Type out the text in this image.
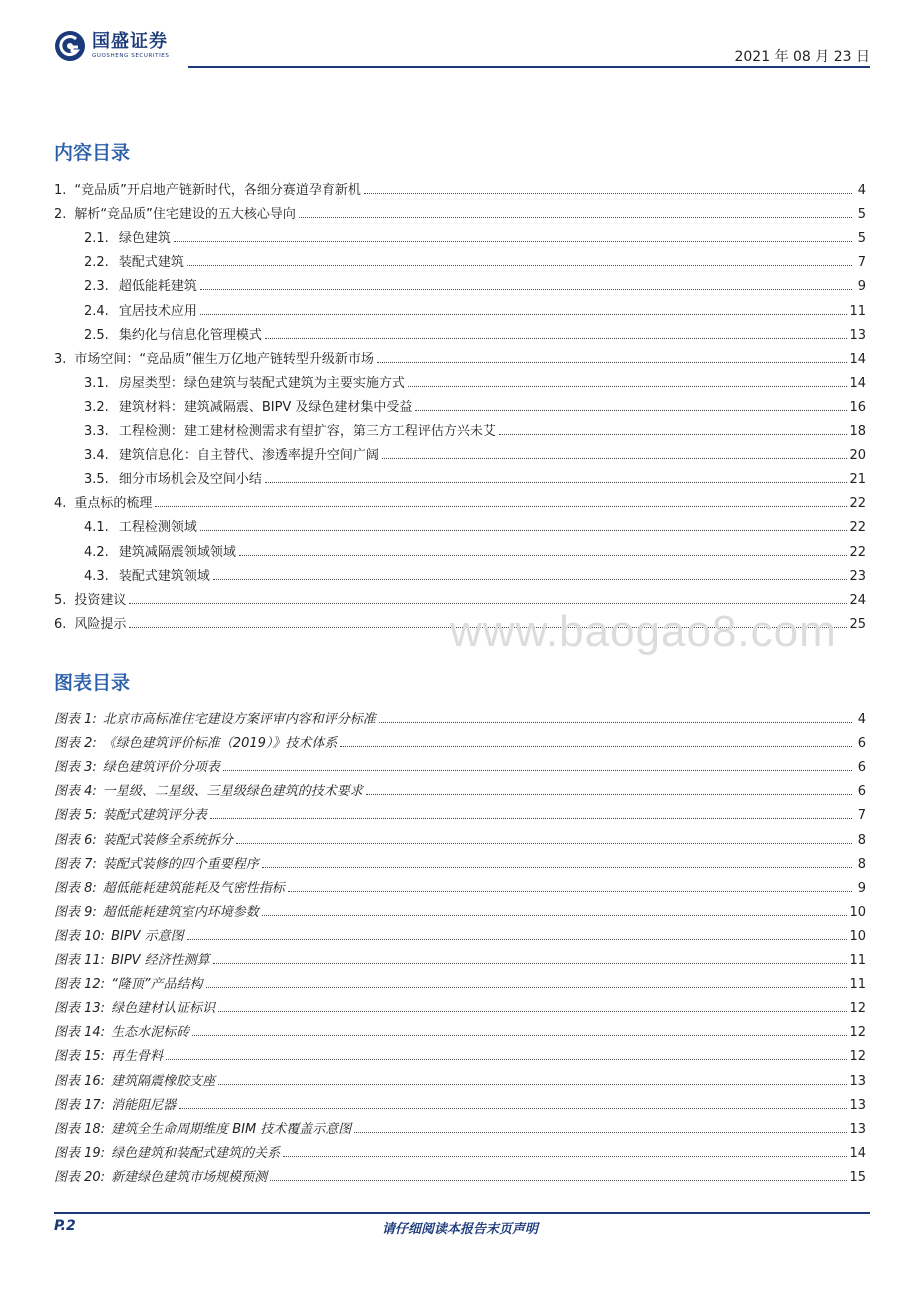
国盛证券
GUOSHENG SECURITIES	2021 年 08 月 23 日
内容目录
1. “竞品质”开启地产链新时代，各细分赛道孕育新机	4
2. 解析“竞品质”住宅建设的五大核心导向	5
2.1. 绿色建筑	5
2.2. 装配式建筑	7
2.3. 超低能耗建筑	9
2.4. 宜居技术应用	11
2.5. 集约化与信息化管理模式	13
3. 市场空间：“竞品质”催生万亿地产链转型升级新市场	14
3.1. 房屋类型：绿色建筑与装配式建筑为主要实施方式	14
3.2. 建筑材料：建筑减隔震、BIPV 及绿色建材集中受益	16
3.3. 工程检测：建工建材检测需求有望扩容，第三方工程评估方兴未艾	18
3.4. 建筑信息化：自主替代、渗透率提升空间广阔	20
3.5. 细分市场机会及空间小结	21
4. 重点标的梳理	22
4.1. 工程检测领域	22
4.2. 建筑减隔震领域领域	22
4.3. 装配式建筑领域	23
5. 投资建议	24
6. 风险提示	25
图表目录
图表 1: 北京市高标准住宅建设方案评审内容和评分标准	4
图表 2: 《绿色建筑评价标准（2019）》技术体系	6
图表 3: 绿色建筑评价分项表	6
图表 4: 一星级、二星级、三星级绿色建筑的技术要求	6
图表 5: 装配式建筑评分表	7
图表 6: 装配式装修全系统拆分	8
图表 7: 装配式装修的四个重要程序	8
图表 8: 超低能耗建筑能耗及气密性指标	9
图表 9: 超低能耗建筑室内环境参数	10
图表 10: BIPV 示意图	10
图表 11: BIPV 经济性测算	11
图表 12: “隆顶”产品结构	11
图表 13: 绿色建材认证标识	12
图表 14: 生态水泥标砖	12
图表 15: 再生骨料	12
图表 16: 建筑隔震橡胶支座	13
图表 17: 消能阻尼器	13
图表 18: 建筑全生命周期维度 BIM 技术覆盖示意图	13
图表 19: 绿色建筑和装配式建筑的关系	14
图表 20: 新建绿色建筑市场规模预测	15
www.baogao8.com
P.2	请仔细阅读本报告末页声明
